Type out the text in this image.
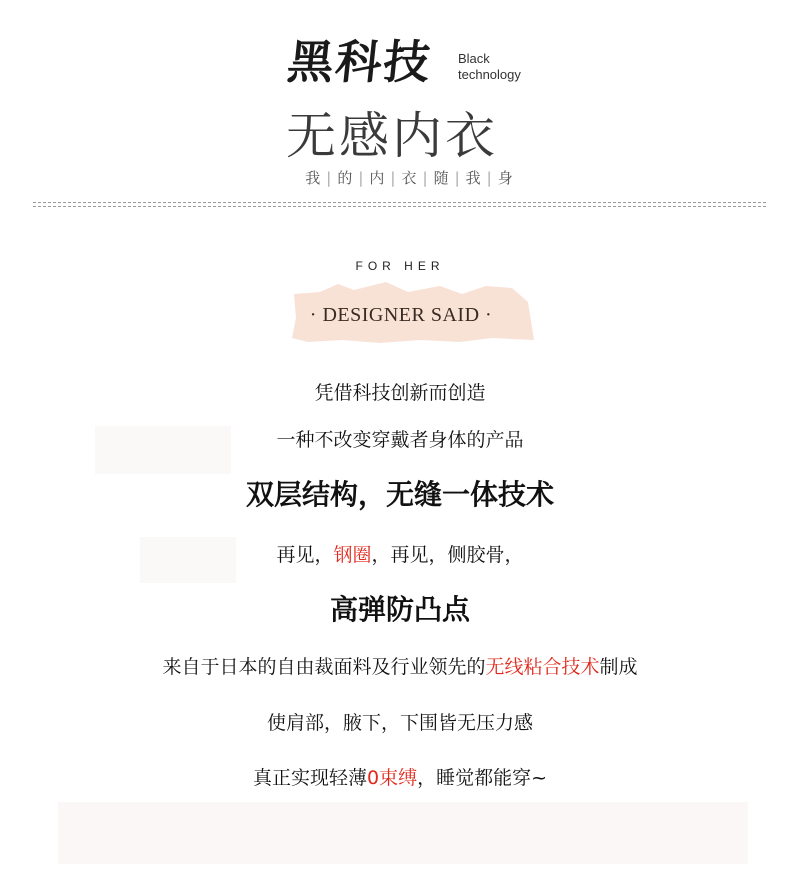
黑科技 Black
technology
无感内衣
我 | 的 | 内 | 衣 | 随 | 我 | 身
FOR HER
· DESIGNER SAID ·
凭借科技创新而创造
一种不改变穿戴者身体的产品
双层结构，无缝一体技术
再见，钢圈，再见，侧胶骨，
高弹防凸点
来自于日本的自由裁面料及行业领先的无线粘合技术制成
使肩部，腋下，下围皆无压力感
真正实现轻薄0束缚，睡觉都能穿~
